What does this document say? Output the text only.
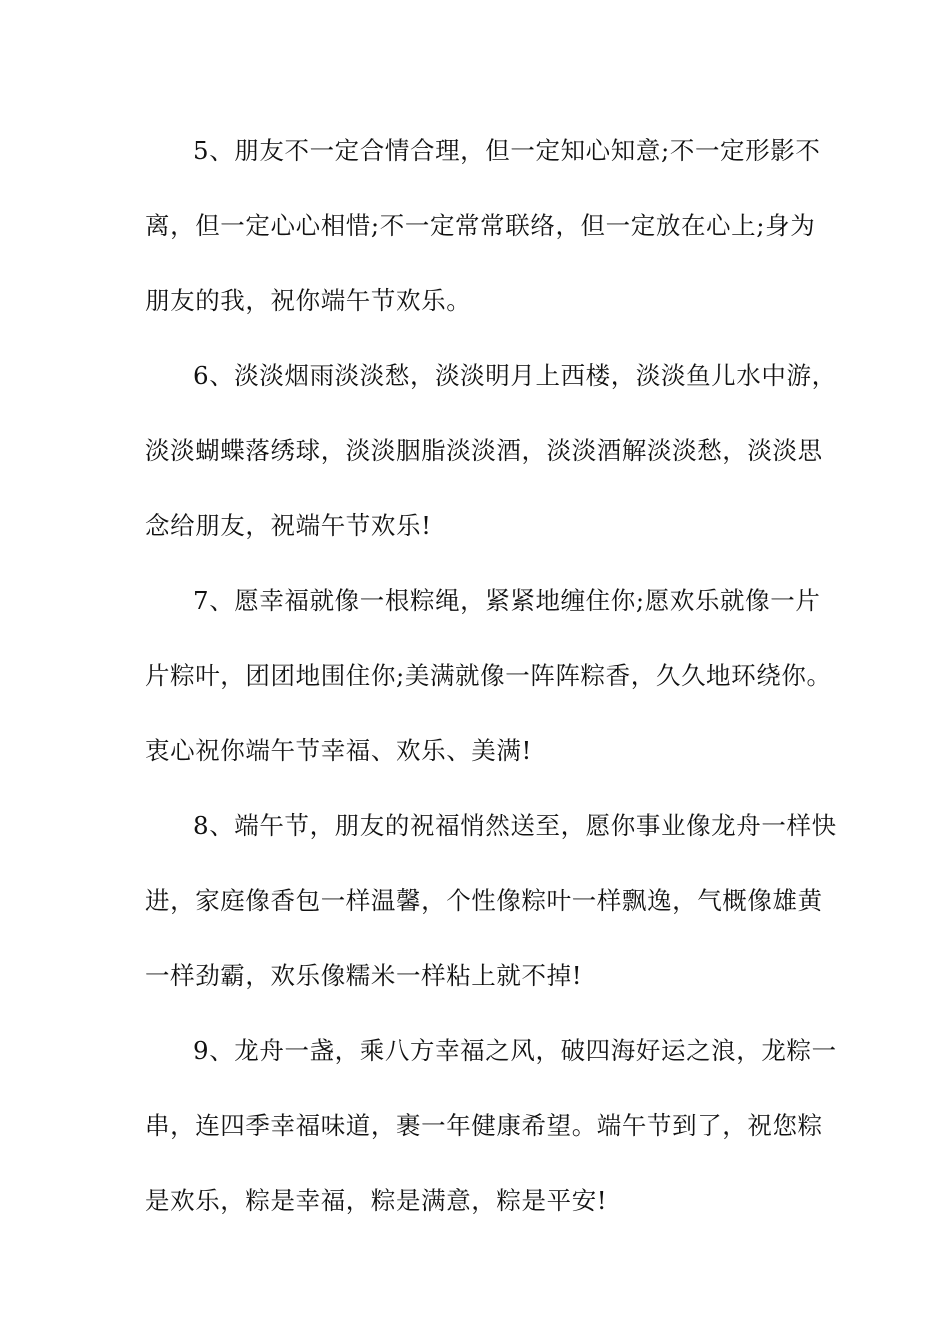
5、朋友不一定合情合理，但一定知心知意;不一定形影不
离，但一定心心相惜;不一定常常联络，但一定放在心上;身为
朋友的我，祝你端午节欢乐。

6、淡淡烟雨淡淡愁，淡淡明月上西楼，淡淡鱼儿水中游，
淡淡蝴蝶落绣球，淡淡胭脂淡淡酒，淡淡酒解淡淡愁，淡淡思
念给朋友，祝端午节欢乐!

7、愿幸福就像一根粽绳，紧紧地缠住你;愿欢乐就像一片
片粽叶，团团地围住你;美满就像一阵阵粽香，久久地环绕你。
衷心祝你端午节幸福、欢乐、美满!

8、端午节，朋友的祝福悄然送至，愿你事业像龙舟一样快
进，家庭像香包一样温馨，个性像粽叶一样飘逸，气概像雄黄
一样劲霸，欢乐像糯米一样粘上就不掉!

9、龙舟一盏，乘八方幸福之风，破四海好运之浪，龙粽一
串，连四季幸福味道，裹一年健康希望。端午节到了，祝您粽
是欢乐，粽是幸福，粽是满意，粽是平安!
